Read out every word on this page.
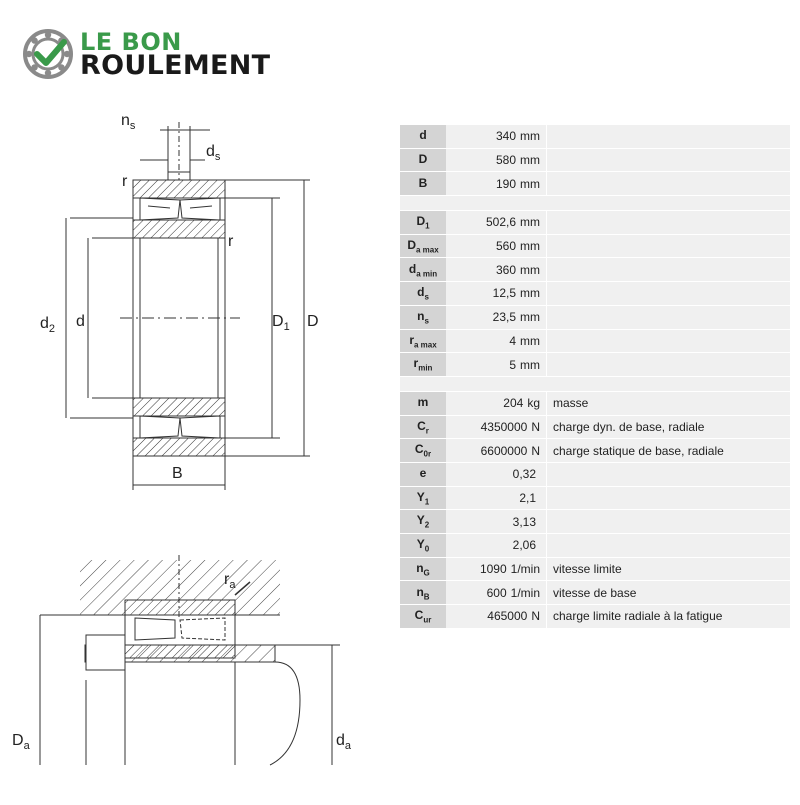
LE BON
ROULEMENT
$n_s$
$d_s$
r
r
$d_2$ d	$D_1$ D
B
$r_a$
$D_a$	$d_a$
d	340 mm	
D	580 mm	
B	190 mm	

$D_1$	502,6 mm	
$D_{a max}$	560 mm	
$d_{a min}$	360 mm	
$d_s$	12,5 mm	
$n_s$	23,5 mm	
$r_{a max}$	4 mm	
$r_{min}$	5 mm	

m	204 kg	masse
$C_r$	4350000 N	charge dyn. de base, radiale
$C_{0r}$	6600000 N	charge statique de base, radiale
e	0,32	
$Y_1$	2,1	
$Y_2$	3,13	
$Y_0$	2,06	
$n_G$	1090 1/min	vitesse limite
$n_B$	600 1/min	vitesse de base
$C_{ur}$	465000 N	charge limite radiale à la fatigue
